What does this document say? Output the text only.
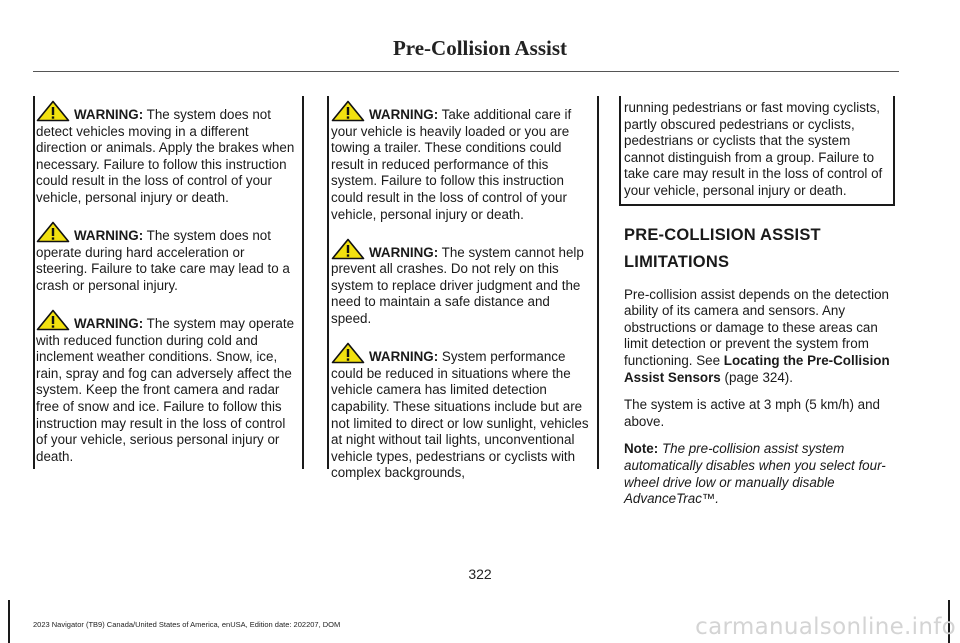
Pre-Collision Assist
WARNING: The system does not detect vehicles moving in a different direction or animals. Apply the brakes when necessary. Failure to follow this instruction could result in the loss of control of your vehicle, personal injury or death.
WARNING: The system does not operate during hard acceleration or steering. Failure to take care may lead to a crash or personal injury.
WARNING: The system may operate with reduced function during cold and inclement weather conditions. Snow, ice, rain, spray and fog can adversely affect the system. Keep the front camera and radar free of snow and ice. Failure to follow this instruction may result in the loss of control of your vehicle, serious personal injury or death.
WARNING: Take additional care if your vehicle is heavily loaded or you are towing a trailer. These conditions could result in reduced performance of this system. Failure to follow this instruction could result in the loss of control of your vehicle, personal injury or death.
WARNING: The system cannot help prevent all crashes. Do not rely on this system to replace driver judgment and the need to maintain a safe distance and speed.
WARNING: System performance could be reduced in situations where the vehicle camera has limited detection capability. These situations include but are not limited to direct or low sunlight, vehicles at night without tail lights, unconventional vehicle types, pedestrians or cyclists with complex backgrounds,
running pedestrians or fast moving cyclists, partly obscured pedestrians or cyclists, pedestrians or cyclists that the system cannot distinguish from a group. Failure to take care may result in the loss of control of your vehicle, personal injury or death.
PRE-COLLISION ASSIST
LIMITATIONS
Pre-collision assist depends on the detection ability of its camera and sensors. Any obstructions or damage to these areas can limit detection or prevent the system from functioning. See Locating the Pre-Collision Assist Sensors (page 324).
The system is active at 3 mph (5 km/h) and above.
Note: The pre-collision assist system automatically disables when you select four-wheel drive low or manually disable AdvanceTrac™.
322
2023 Navigator (TB9) Canada/United States of America, enUSA, Edition date: 202207, DOM	carmanualsonline.info
